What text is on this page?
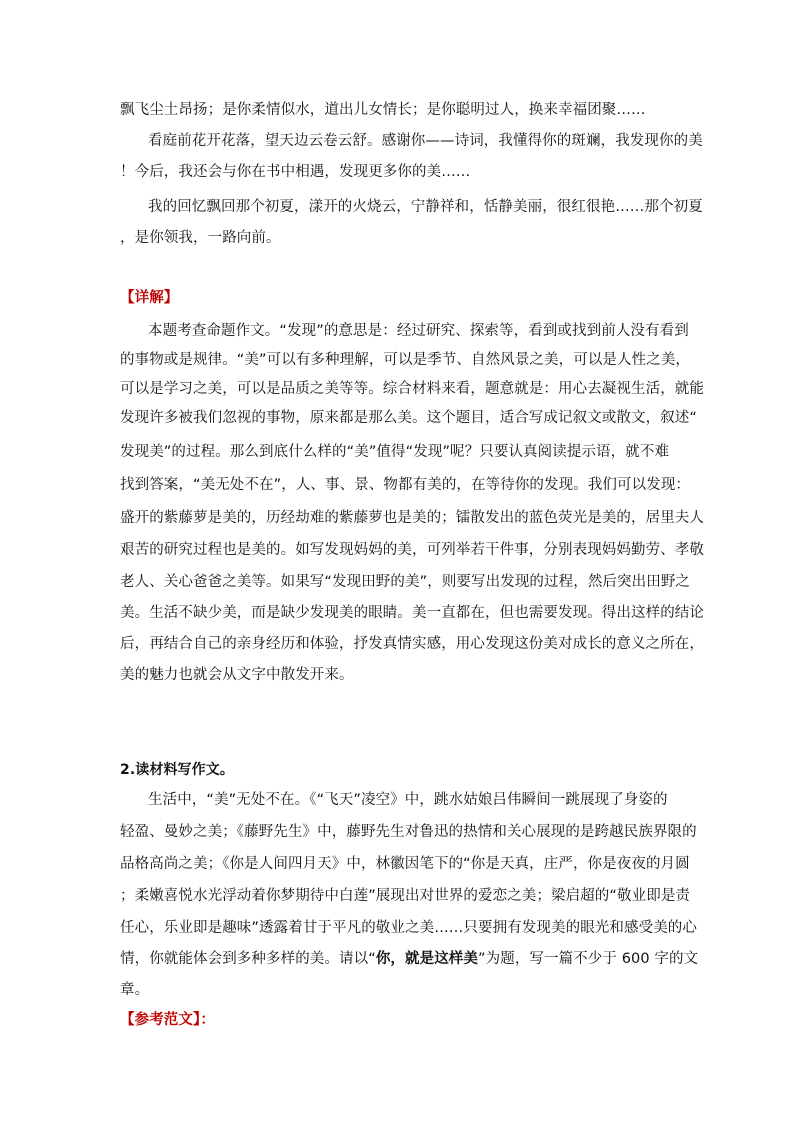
飘飞尘土昂扬；是你柔情似水，道出儿女情长；是你聪明过人，换来幸福团聚……
看庭前花开花落，望天边云卷云舒。感谢你——诗词，我懂得你的斑斓，我发现你的美
！今后，我还会与你在书中相遇，发现更多你的美……
我的回忆飘回那个初夏，漾开的火烧云，宁静祥和，恬静美丽，很红很艳……那个初夏
，是你领我，一路向前。
【详解】
本题考查命题作文。“发现”的意思是：经过研究、探索等，看到或找到前人没有看到
的事物或是规律。“美”可以有多种理解，可以是季节、自然风景之美，可以是人性之美，
可以是学习之美，可以是品质之美等等。综合材料来看，题意就是：用心去凝视生活，就能
发现许多被我们忽视的事物，原来都是那么美。这个题目，适合写成记叙文或散文，叙述“
发现美”的过程。那么到底什么样的“美”值得“发现”呢？只要认真阅读提示语，就不难
找到答案，“美无处不在”，人、事、景、物都有美的，在等待你的发现。我们可以发现：
盛开的紫藤萝是美的，历经劫难的紫藤萝也是美的；镭散发出的蓝色荧光是美的，居里夫人
艰苦的研究过程也是美的。如写发现妈妈的美，可列举若干件事，分别表现妈妈勤劳、孝敬
老人、关心爸爸之美等。如果写“发现田野的美”，则要写出发现的过程，然后突出田野之
美。生活不缺少美，而是缺少发现美的眼睛。美一直都在，但也需要发现。得出这样的结论
后，再结合自己的亲身经历和体验，抒发真情实感，用心发现这份美对成长的意义之所在，
美的魅力也就会从文字中散发开来。
2.读材料写作文。
生活中，“美”无处不在。《“飞天”凌空》中，跳水姑娘吕伟瞬间一跳展现了身姿的
轻盈、曼妙之美；《藤野先生》中，藤野先生对鲁迅的热情和关心展现的是跨越民族界限的
品格高尚之美；《你是人间四月天》中，林徽因笔下的“你是天真，庄严，你是夜夜的月圆
；柔嫩喜悦水光浮动着你梦期待中白莲”展现出对世界的爱恋之美；梁启超的“敬业即是责
任心，乐业即是趣味”透露着甘于平凡的敬业之美……只要拥有发现美的眼光和感受美的心
情，你就能体会到多种多样的美。请以“你，就是这样美”为题，写一篇不少于 600 字的文
章。
【参考范文】：
